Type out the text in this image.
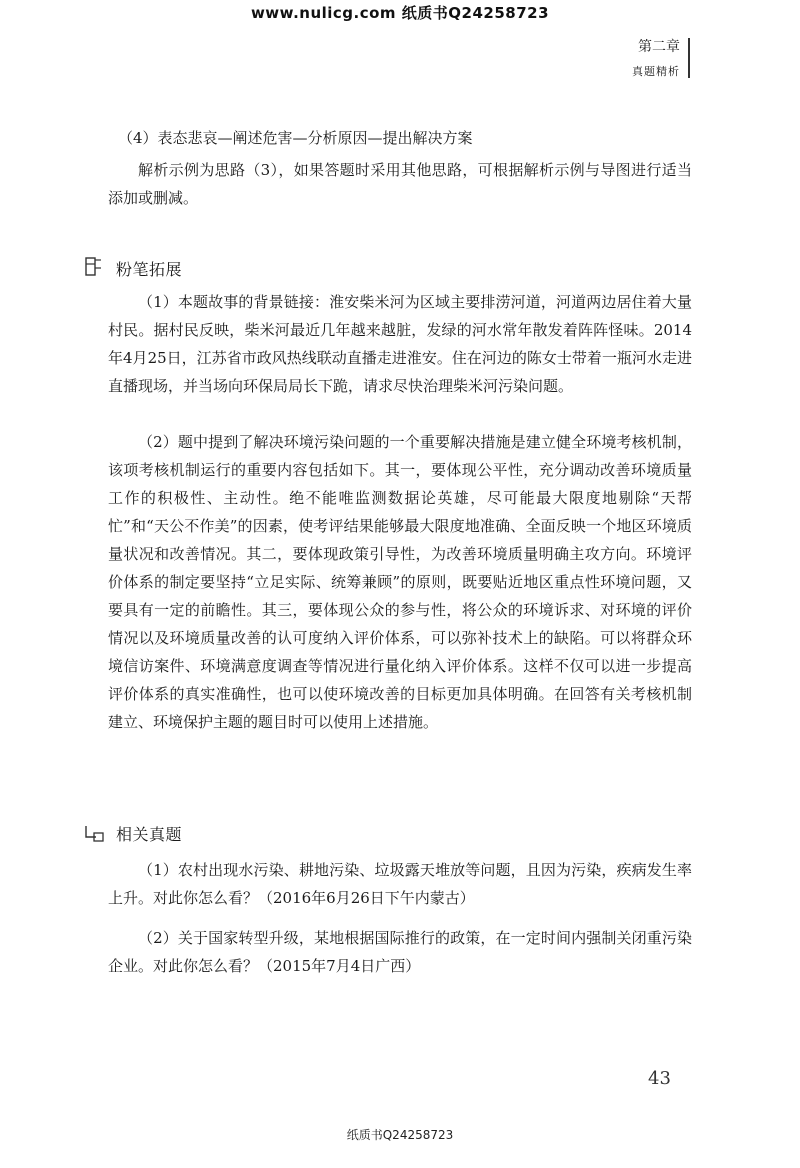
www.nulicg.com 纸质书Q24258723
第二章
真题精析

（4）表态悲哀—阐述危害—分析原因—提出解决方案

解析示例为思路（3），如果答题时采用其他思路，可根据解析示例与导图进行适当添加或删减。

粉笔拓展

（1）本题故事的背景链接：淮安柴米河为区域主要排涝河道，河道两边居住着大量村民。据村民反映，柴米河最近几年越来越脏，发绿的河水常年散发着阵阵怪味。2014年4月25日，江苏省市政风热线联动直播走进淮安。住在河边的陈女士带着一瓶河水走进直播现场，并当场向环保局局长下跪，请求尽快治理柴米河污染问题。

（2）题中提到了解决环境污染问题的一个重要解决措施是建立健全环境考核机制，该项考核机制运行的重要内容包括如下。其一，要体现公平性，充分调动改善环境质量工作的积极性、主动性。绝不能唯监测数据论英雄，尽可能最大限度地剔除“天帮忙”和“天公不作美”的因素，使考评结果能够最大限度地准确、全面反映一个地区环境质量状况和改善情况。其二，要体现政策引导性，为改善环境质量明确主攻方向。环境评价体系的制定要坚持“立足实际、统筹兼顾”的原则，既要贴近地区重点性环境问题，又要具有一定的前瞻性。其三，要体现公众的参与性，将公众的环境诉求、对环境的评价情况以及环境质量改善的认可度纳入评价体系，可以弥补技术上的缺陷。可以将群众环境信访案件、环境满意度调查等情况进行量化纳入评价体系。这样不仅可以进一步提高评价体系的真实准确性，也可以使环境改善的目标更加具体明确。在回答有关考核机制建立、环境保护主题的题目时可以使用上述措施。

相关真题

（1）农村出现水污染、耕地污染、垃圾露天堆放等问题，且因为污染，疾病发生率上升。对此你怎么看？（2016年6月26日下午内蒙古）

（2）关于国家转型升级，某地根据国际推行的政策，在一定时间内强制关闭重污染企业。对此你怎么看？（2015年7月4日广西）

43
纸质书Q24258723
